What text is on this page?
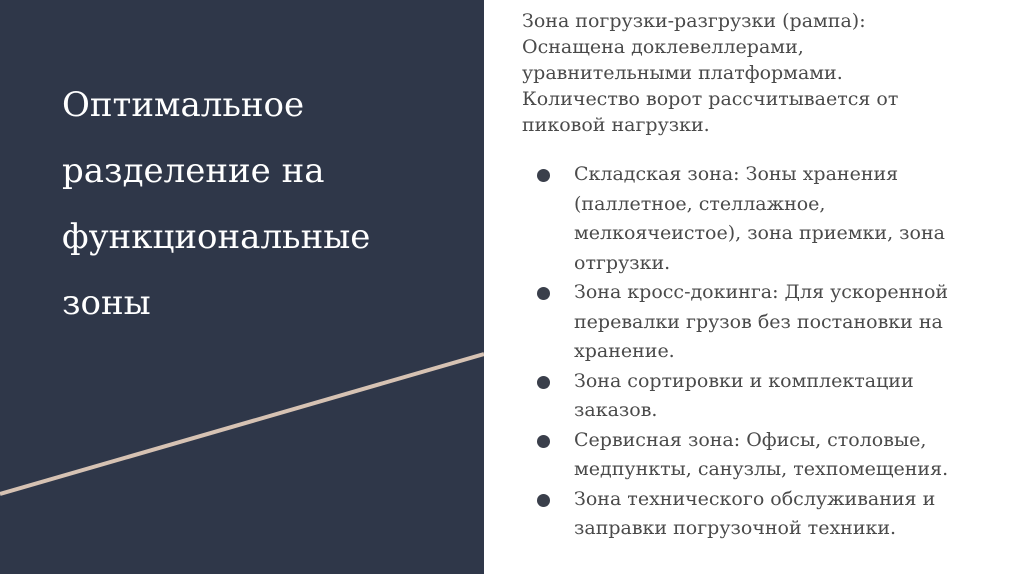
Оптимальное
разделение на
функциональные
зоны

Зона погрузки-разгрузки (рампа):
Оснащена доклевеллерами,
уравнительными платформами.
Количество ворот рассчитывается от
пиковой нагрузки.

Складская зона: Зоны хранения
(паллетное, стеллажное,
мелкоячеистое), зона приемки, зона
отгрузки.
Зона кросс-докинга: Для ускоренной
перевалки грузов без постановки на
хранение.
Зона сортировки и комплектации
заказов.
Сервисная зона: Офисы, столовые,
медпункты, санузлы, техпомещения.
Зона технического обслуживания и
заправки погрузочной техники.
